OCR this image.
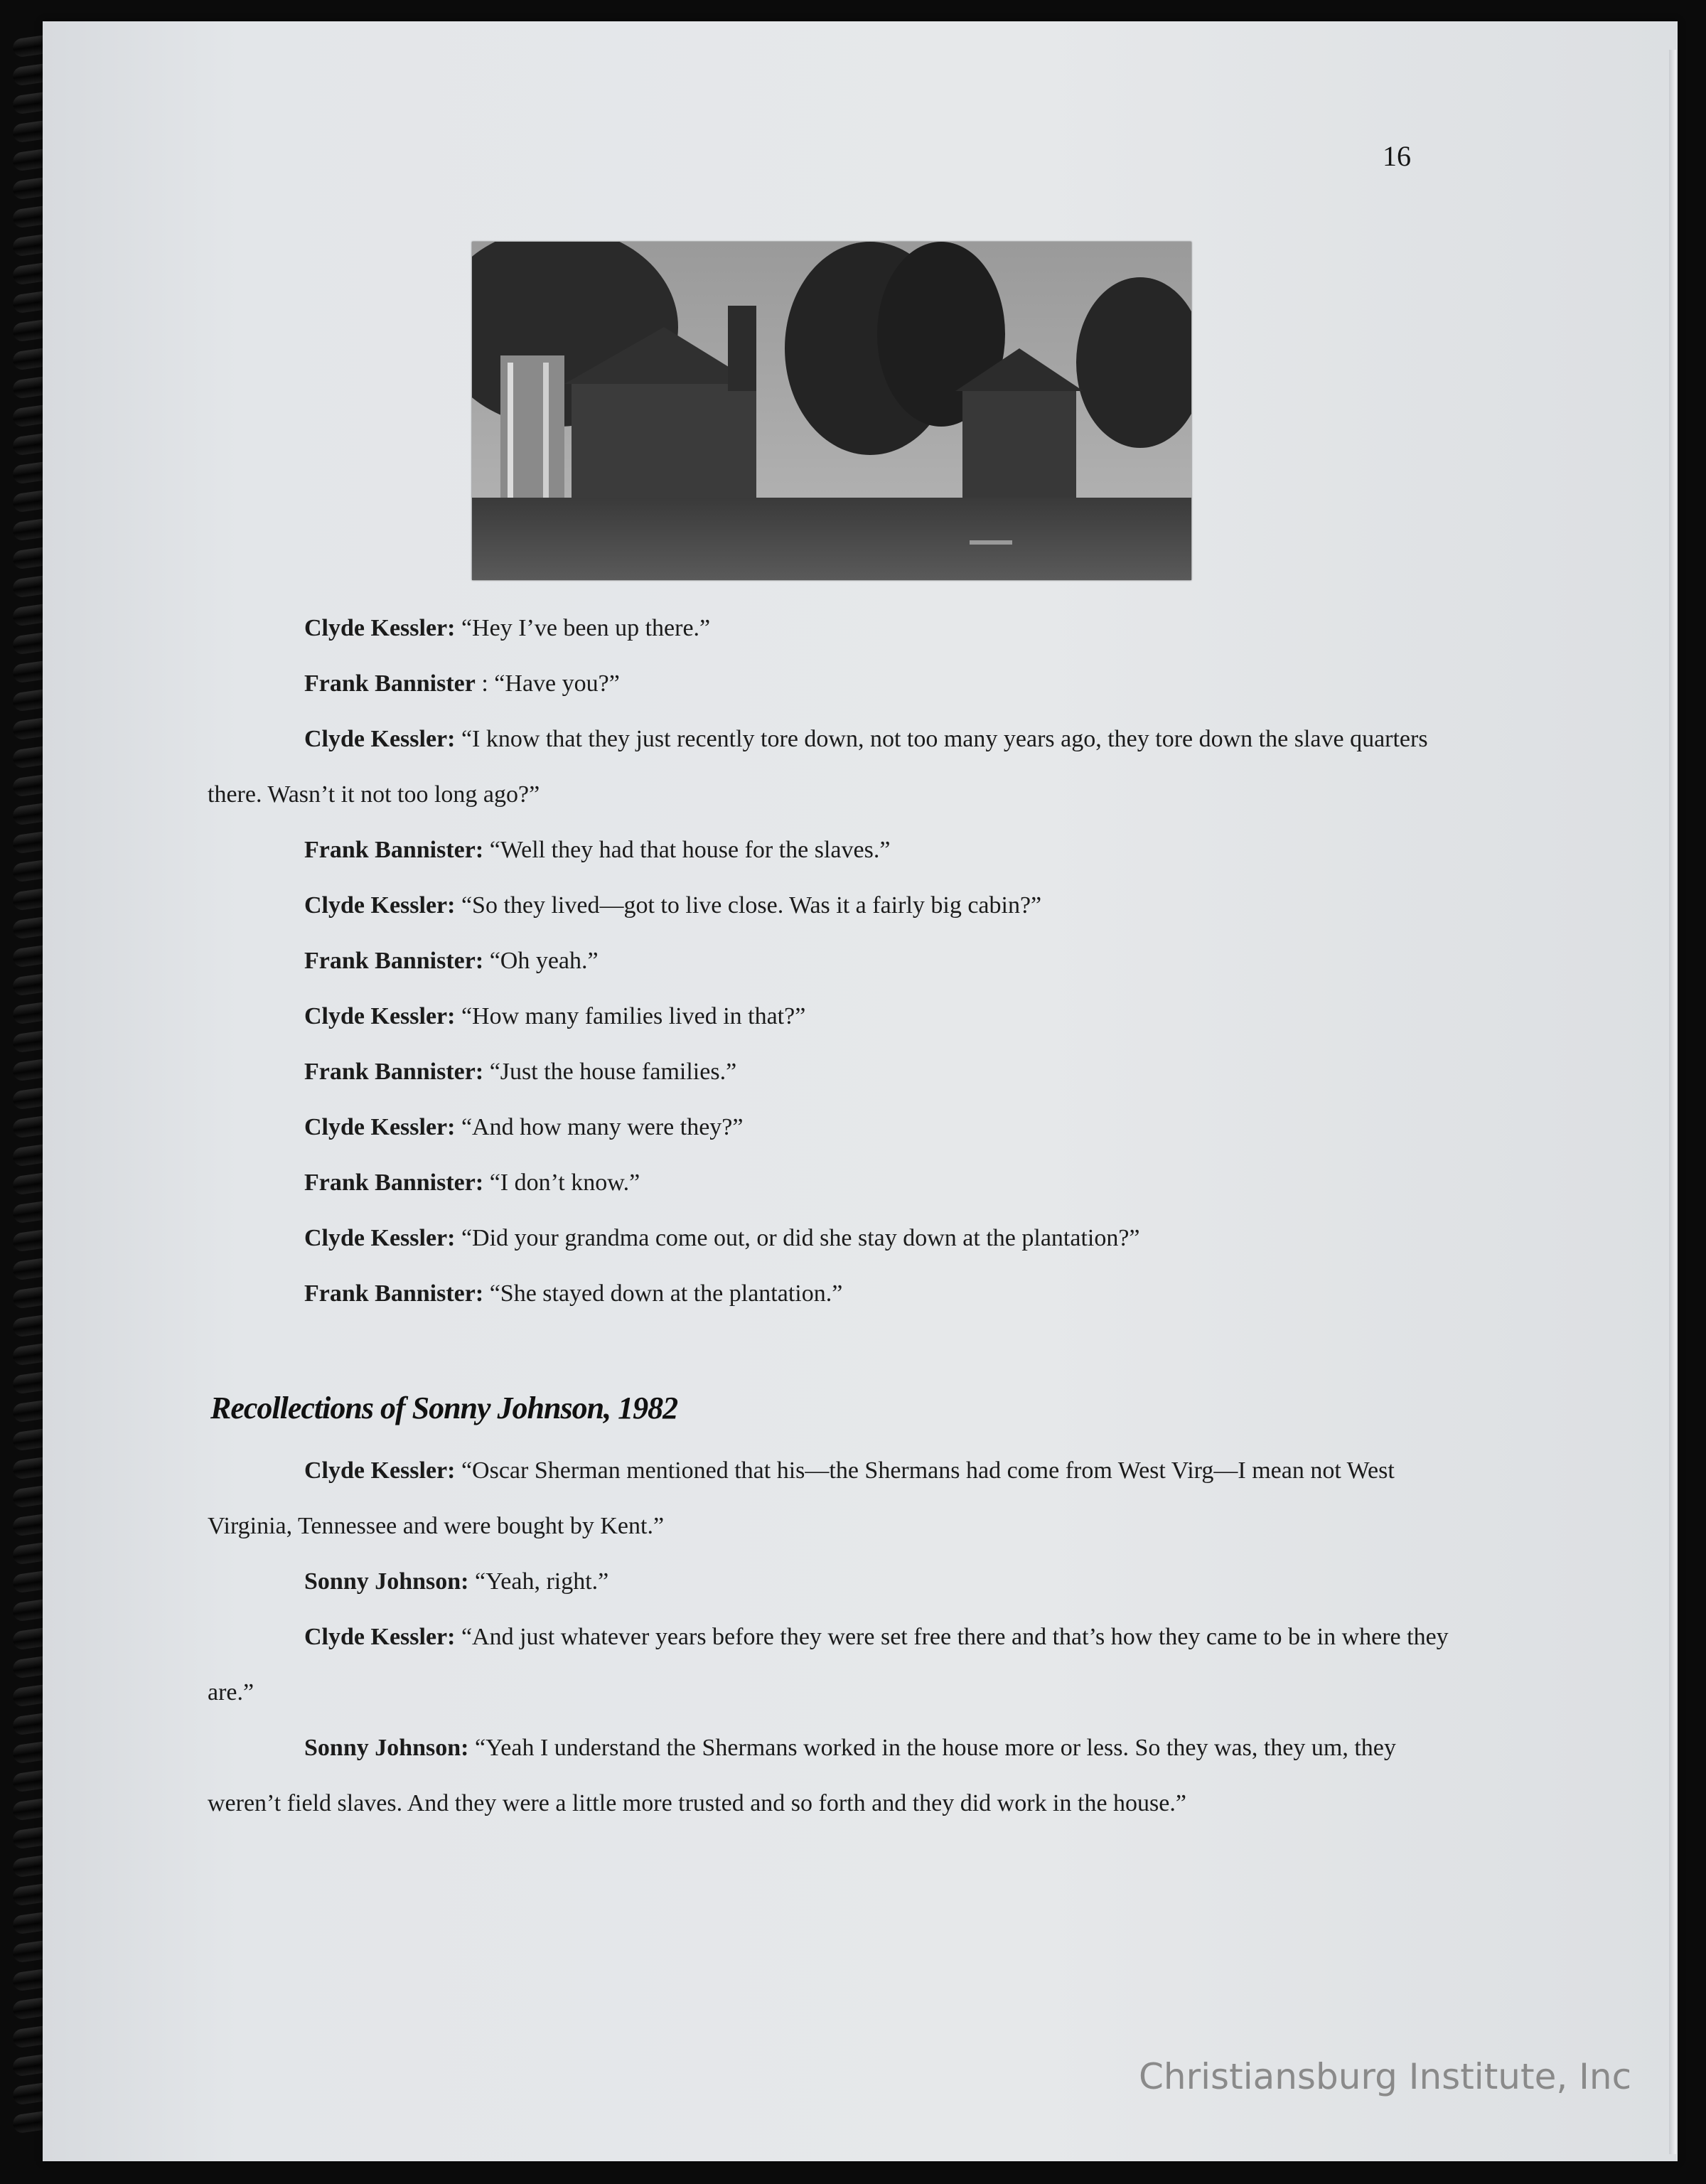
16

Clyde Kessler: “Hey I’ve been up there.”

Frank Bannister : “Have you?”

Clyde Kessler: “I know that they just recently tore down, not too many years ago, they tore down the slave quarters there. Wasn’t it not too long ago?”

Frank Bannister: “Well they had that house for the slaves.”

Clyde Kessler: “So they lived—got to live close. Was it a fairly big cabin?”

Frank Bannister: “Oh yeah.”

Clyde Kessler: “How many families lived in that?”

Frank Bannister: “Just the house families.”

Clyde Kessler: “And how many were they?”

Frank Bannister: “I don’t know.”

Clyde Kessler: “Did your grandma come out, or did she stay down at the plantation?”

Frank Bannister: “She stayed down at the plantation.”

Recollections of Sonny Johnson, 1982

Clyde Kessler: “Oscar Sherman mentioned that his—the Shermans had come from West Virg—I mean not West Virginia, Tennessee and were bought by Kent.”

Sonny Johnson: “Yeah, right.”

Clyde Kessler: “And just whatever years before they were set free there and that’s how they came to be in where they are.”

Sonny Johnson: “Yeah I understand the Shermans worked in the house more or less. So they was, they um, they weren’t field slaves. And they were a little more trusted and so forth and they did work in the house.”

Christiansburg Institute, Inc
